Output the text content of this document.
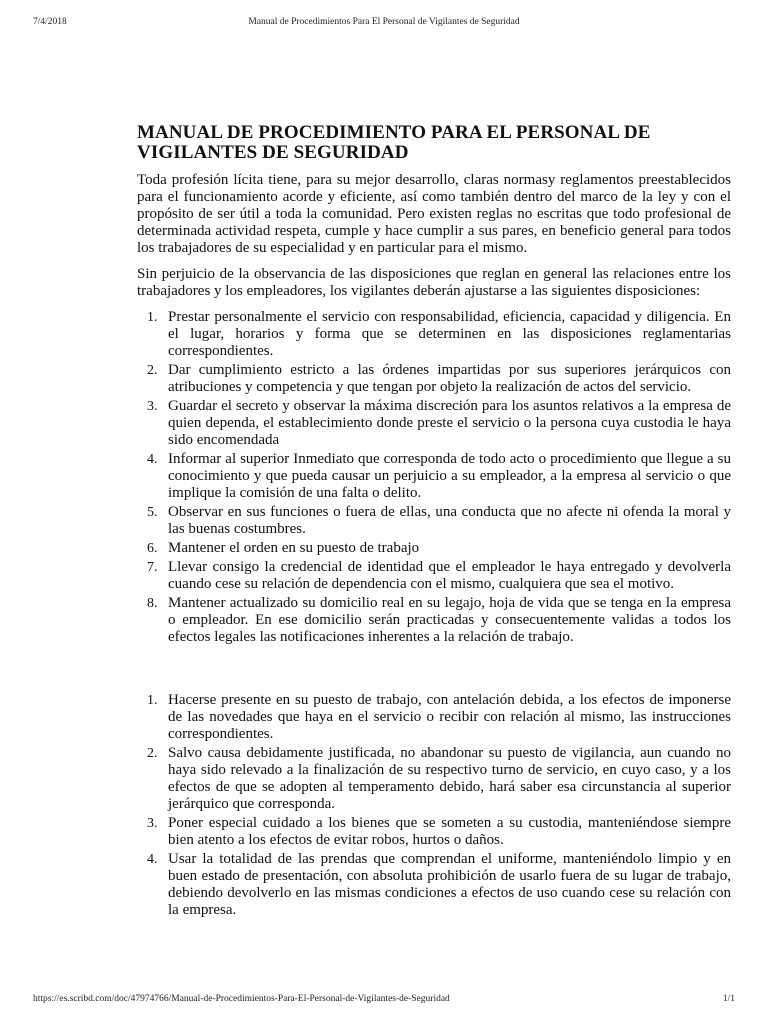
7/4/2018	Manual de Procedimientos Para El Personal de Vigilantes de Seguridad
MANUAL DE PROCEDIMIENTO PARA EL PERSONAL DE VIGILANTES DE SEGURIDAD

Toda profesión lícita tiene, para su mejor desarrollo, claras normasy reglamentos preestablecidos para el funcionamiento acorde y eficiente, así como también dentro del marco de la ley y con el propósito de ser útil a toda la comunidad. Pero existen reglas no escritas que todo profesional de determinada actividad respeta, cumple y hace cumplir a sus pares, en beneficio general para todos los trabajadores de su especialidad y en particular para el mismo.

Sin perjuicio de la observancia de las disposiciones que reglan en general las relaciones entre los trabajadores y los empleadores, los vigilantes deberán ajustarse a las siguientes disposiciones:

1. Prestar personalmente el servicio con responsabilidad, eficiencia, capacidad y diligencia. En el lugar, horarios y forma que se determinen en las disposiciones reglamentarias correspondientes.
2. Dar cumplimiento estricto a las órdenes impartidas por sus superiores jerárquicos con atribuciones y competencia y que tengan por objeto la realización de actos del servicio.
3. Guardar el secreto y observar la máxima discreción para los asuntos relativos a la empresa de quien dependa, el establecimiento donde preste el servicio o la persona cuya custodia le haya sido encomendada
4. Informar al superior Inmediato que corresponda de todo acto o procedimiento que llegue a su conocimiento y que pueda causar un perjuicio a su empleador, a la empresa al servicio o que implique la comisión de una falta o delito.
5. Observar en sus funciones o fuera de ellas, una conducta que no afecte ni ofenda la moral y las buenas costumbres.
6. Mantener el orden en su puesto de trabajo
7. Llevar consigo la credencial de identidad que el empleador le haya entregado y devolverla cuando cese su relación de dependencia con el mismo, cualquiera que sea el motivo.
8. Mantener actualizado su domicilio real en su legajo, hoja de vida que se tenga en la empresa o empleador. En ese domicilio serán practicadas y consecuentemente validas a todos los efectos legales las notificaciones inherentes a la relación de trabajo.
1. Hacerse presente en su puesto de trabajo, con antelación debida, a los efectos de imponerse de las novedades que haya en el servicio o recibir con relación al mismo, las instrucciones correspondientes.
2. Salvo causa debidamente justificada, no abandonar su puesto de vigilancia, aun cuando no haya sido relevado a la finalización de su respectivo turno de servicio, en cuyo caso, y a los efectos de que se adopten al temperamento debido, hará saber esa circunstancia al superior jerárquico que corresponda.
3. Poner especial cuidado a los bienes que se someten a su custodia, manteniéndose siempre bien atento a los efectos de evitar robos, hurtos o daños.
4. Usar la totalidad de las prendas que comprendan el uniforme, manteniéndolo limpio y en buen estado de presentación, con absoluta prohibición de usarlo fuera de su lugar de trabajo, debiendo devolverlo en las mismas condiciones a efectos de uso cuando cese su relación con la empresa.
https://es.scribd.com/doc/47974766/Manual-de-Procedimientos-Para-El-Personal-de-Vigilantes-de-Seguridad	1/1
